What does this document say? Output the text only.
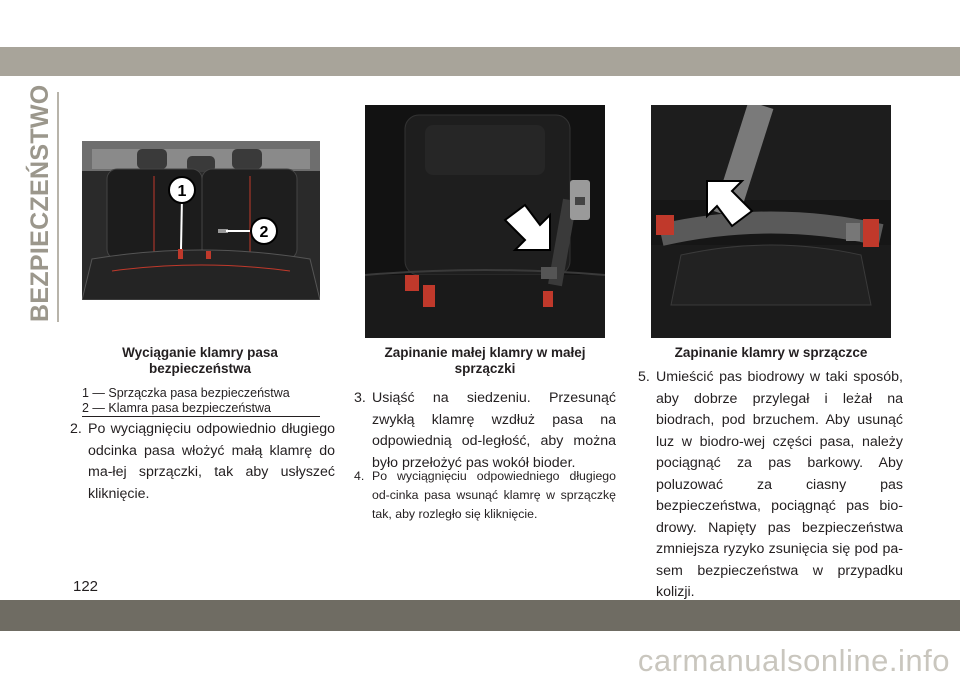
BEZPIECZEŃSTWO	1
2
Wyciąganie klamry pasa bezpieczeństwa
1 — Sprzączka pasa bezpieczeństwa
2 — Klamra pasa bezpieczeństwa
Zapinanie małej klamry w małej sprzączki
Zapinanie klamry w sprzączce
2. Po wyciągnięciu odpowiednio długiego odcinka pasa włożyć małą klamrę do ma-łej sprzączki, tak aby usłyszeć kliknięcie.
3. Usiąść na siedzeniu. Przesunąć zwykłą klamrę wzdłuż pasa na odpowiednią od-ległość, aby można było przełożyć pas wokół bioder.
4. Po wyciągnięciu odpowiedniego długiego od-cinka pasa wsunąć klamrę w sprzączkę tak, aby rozległo się kliknięcie.
5. Umieścić pas biodrowy w taki sposób, aby dobrze przylegał i leżał na biodrach, pod brzuchem. Aby usunąć luz w biodro-wej części pasa, należy pociągnąć za pas barkowy. Aby poluzować za ciasny pas bezpieczeństwa, pociągnąć pas bio-drowy. Napięty pas bezpieczeństwa zmniejsza ryzyko zsunięcia się pod pa-sem bezpieczeństwa w przypadku kolizji.
122
carmanualsonline.info
